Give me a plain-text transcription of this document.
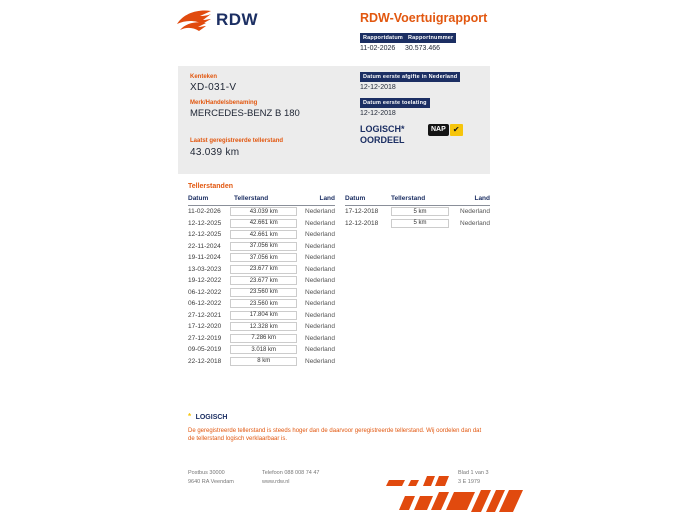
RDW	RDW-Voertuigrapport
Rapportdatum Rapportnummer
11-02-2026 30.573.466
Kenteken
XD-031-V
Merk/Handelsbenaming
MERCEDES-BENZ B 180
Laatst geregistreerde tellerstand
43.039 km
Datum eerste afgifte in Nederland
12-12-2018
Datum eerste toelating
12-12-2018
LOGISCH*
OORDEEL
NAP ✔
Tellerstanden
Datum	Tellerstand	Land
11-02-2026	43.039 km	Nederland
12-12-2025	42.661 km	Nederland
12-12-2025	42.661 km	Nederland
22-11-2024	37.056 km	Nederland
19-11-2024	37.056 km	Nederland
13-03-2023	23.677 km	Nederland
19-12-2022	23.677 km	Nederland
06-12-2022	23.560 km	Nederland
06-12-2022	23.560 km	Nederland
27-12-2021	17.804 km	Nederland
17-12-2020	12.328 km	Nederland
27-12-2019	7.286 km	Nederland
09-05-2019	3.018 km	Nederland
22-12-2018	8 km	Nederland
Datum	Tellerstand	Land
17-12-2018	5 km	Nederland
12-12-2018	5 km	Nederland
* LOGISCH
De geregistreerde tellerstand is steeds hoger dan de daarvoor geregistreerde tellerstand. Wij oordelen dan dat de tellerstand logisch verklaarbaar is.
Postbus 30000
9640 RA Veendam
Telefoon 088 008 74 47
www.rdw.nl
Blad 1 van 3
3 E 1979
